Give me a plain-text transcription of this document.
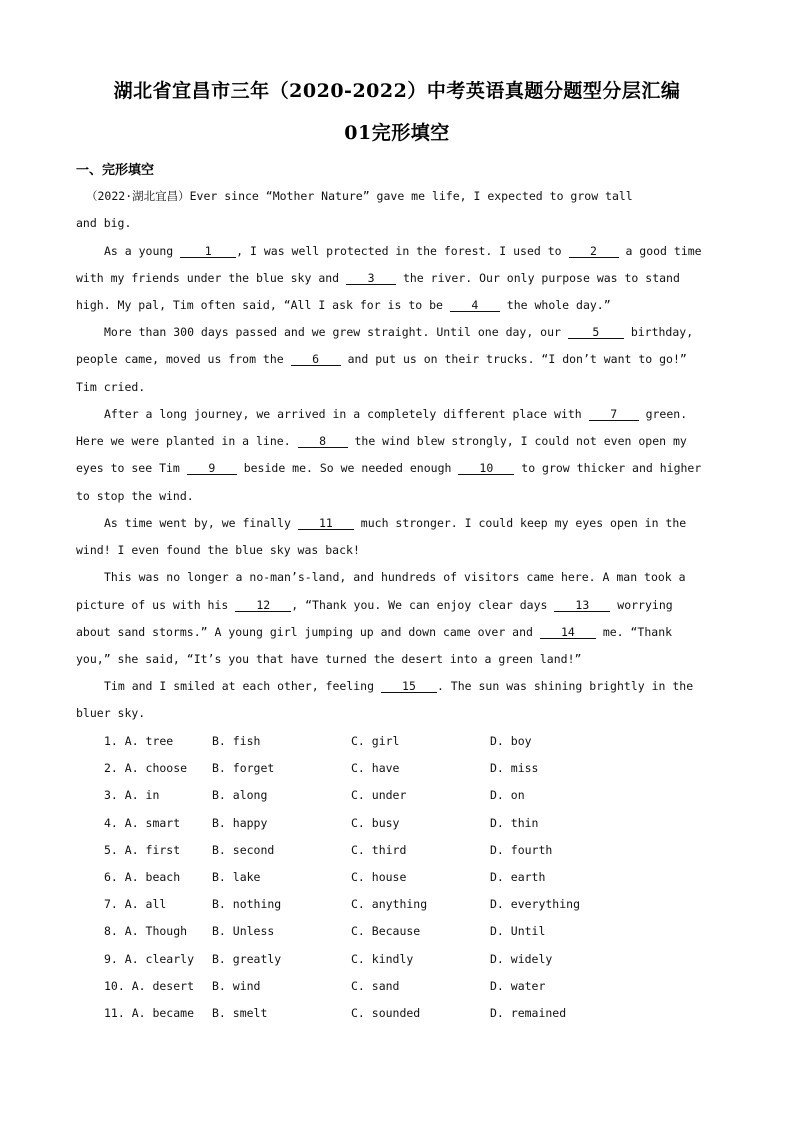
湖北省宜昌市三年（2020-2022）中考英语真题分题型分层汇编
01完形填空
一、完形填空
（2022·湖北宜昌）Ever since “Mother Nature” gave me life, I expected to grow tall
and big.
As a young 1 , I was well protected in the forest. I used to 2 a good time
with my friends under the blue sky and 3 the river. Our only purpose was to stand
high. My pal, Tim often said, “All I ask for is to be 4 the whole day.”
More than 300 days passed and we grew straight. Until one day, our 5 birthday,
people came, moved us from the 6 and put us on their trucks. “I don’t want to go!”
Tim cried.
After a long journey, we arrived in a completely different place with 7 green.
Here we were planted in a line. 8 the wind blew strongly, I could not even open my
eyes to see Tim 9 beside me. So we needed enough 10 to grow thicker and higher
to stop the wind.
As time went by, we finally 11 much stronger. I could keep my eyes open in the
wind! I even found the blue sky was back!
This was no longer a no-man’s-land, and hundreds of visitors came here. A man took a
picture of us with his 12 , “Thank you. We can enjoy clear days 13 worrying
about sand storms.” A young girl jumping up and down came over and 14 me. “Thank
you,” she said, “It’s you that have turned the desert into a green land!”
Tim and I smiled at each other, feeling 15 . The sun was shining brightly in the
bluer sky.
1. A. tree	B. fish	C. girl	D. boy
2. A. choose B. forget	C. have	D. miss
3. A. in	B. along	C. under	D. on
4. A. smart	B. happy	C. busy	D. thin
5. A. first	B. second	C. third	D. fourth
6. A. beach	B. lake	C. house	D. earth
7. A. all	B. nothing	C. anything	D. everything
8. A. Though B. Unless	C. Because	D. Until
9. A. clearly B. greatly	C. kindly	D. widely
10. A. desert B. wind	C. sand	D. water
11. A. became B. smelt	C. sounded	D. remained
